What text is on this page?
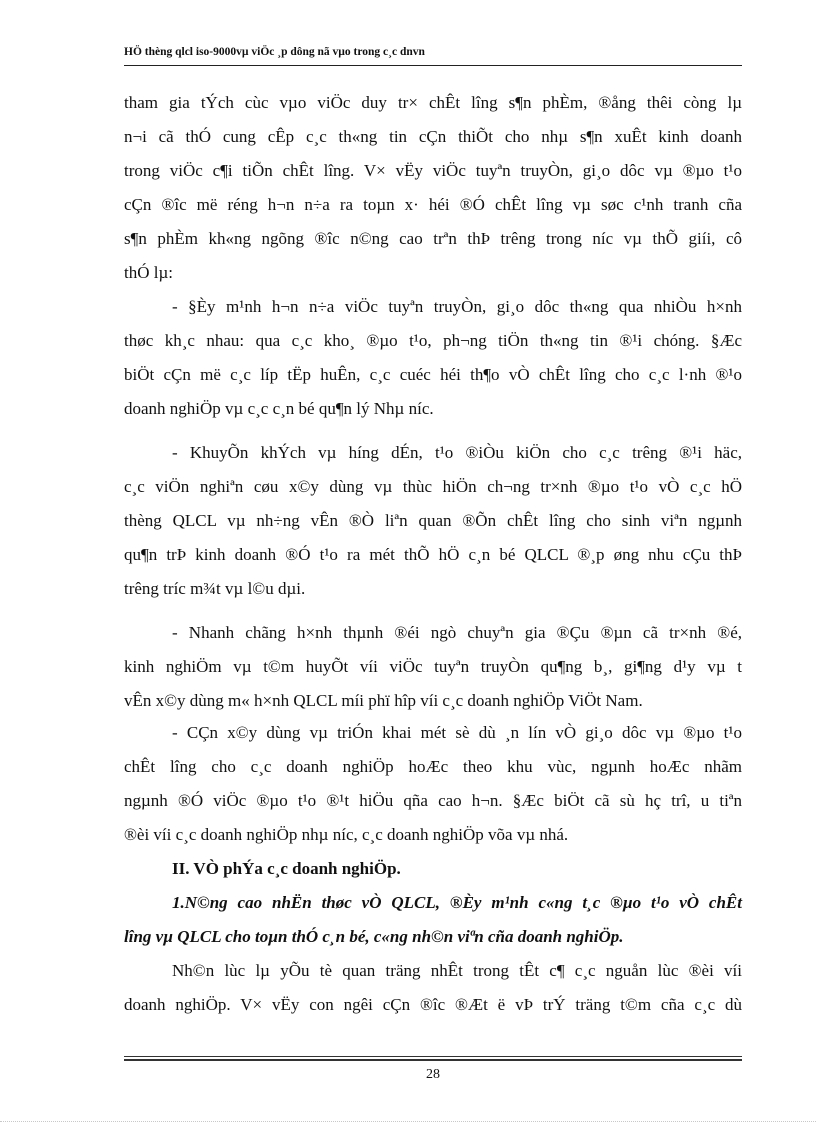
HÖ thèng qlcl iso-9000vµ viÖc ¸p dông nã vµo trong c¸c dnvn
tham gia tÝch cùc vµo viÖc duy tr× chÊt lîng s¶n phÈm, ®ång thêi còng lµ
n¬i cã thÓ cung cÊp c¸c th«ng tin cÇn thiÕt cho nhµ s¶n xuÊt kinh doanh
trong viÖc c¶i tiÕn chÊt lîng. V× vËy viÖc tuyªn truyÒn, gi¸o dôc vµ ®µo t¹o
cÇn ®îc më réng h¬n n÷a ra toµn x· héi ®Ó chÊt lîng vµ søc c¹nh tranh cña
s¶n phÈm kh«ng ngõng ®îc n©ng cao trªn thÞ trêng trong níc vµ thÕ giíi, cô
thÓ lµ:
- §Èy m¹nh h¬n n÷a viÖc tuyªn truyÒn, gi¸o dôc th«ng qua nhiÒu h×nh
thøc kh¸c nhau: qua c¸c kho¸ ®µo t¹o, ph¬ng tiÖn th«ng tin ®¹i chóng. §Æc
biÖt cÇn më c¸c líp tËp huÊn, c¸c cuéc héi th¶o vÒ chÊt lîng cho c¸c l·nh ®¹o
doanh nghiÖp vµ c¸c c¸n bé qu¶n lý Nhµ níc.
- KhuyÕn khÝch vµ híng dÉn, t¹o ®iÒu kiÖn cho c¸c trêng ®¹i häc,
c¸c viÖn nghiªn cøu x©y dùng vµ thùc hiÖn ch¬ng tr×nh ®µo t¹o vÒ c¸c hÖ
thèng QLCL vµ nh÷ng vÊn ®Ò liªn quan ®Õn chÊt lîng cho sinh viªn ngµnh
qu¶n trÞ kinh doanh ®Ó t¹o ra mét thÕ hÖ c¸n bé QLCL ®¸p øng nhu cÇu thÞ
trêng tríc m¾t vµ l©u dµi.
- Nhanh chãng h×nh thµnh ®éi ngò chuyªn gia ®Çu ®µn cã tr×nh ®é,
kinh nghiÖm vµ t©m huyÕt víi viÖc tuyªn truyÒn qu¶ng b¸, gi¶ng d¹y vµ t
vÊn x©y dùng m« h×nh QLCL míi phï hîp víi c¸c doanh nghiÖp ViÖt Nam.
- CÇn x©y dùng vµ triÓn khai mét sè dù ¸n lín vÒ gi¸o dôc vµ ®µo t¹o
chÊt lîng cho c¸c doanh nghiÖp hoÆc theo khu vùc, ngµnh hoÆc nhãm
ngµnh ®Ó viÖc ®µo t¹o ®¹t hiÖu qña cao h¬n. §Æc biÖt cã sù hç trî, u tiªn
®èi víi c¸c doanh nghiÖp nhµ níc, c¸c doanh nghiÖp võa vµ nhá.
II. VÒ phÝa c¸c doanh nghiÖp.
1.N©ng cao nhËn thøc vÒ QLCL, ®Èy m¹nh c«ng t¸c ®µo t¹o vÒ chÊt
lîng vµ QLCL cho toµn thÓ c¸n bé, c«ng nh©n viªn cña doanh nghiÖp.
Nh©n lùc lµ yÕu tè quan träng nhÊt trong tÊt c¶ c¸c nguån lùc ®èi víi
doanh nghiÖp. V× vËy con ngêi cÇn ®îc ®Æt ë vÞ trÝ träng t©m cña c¸c dù
28
